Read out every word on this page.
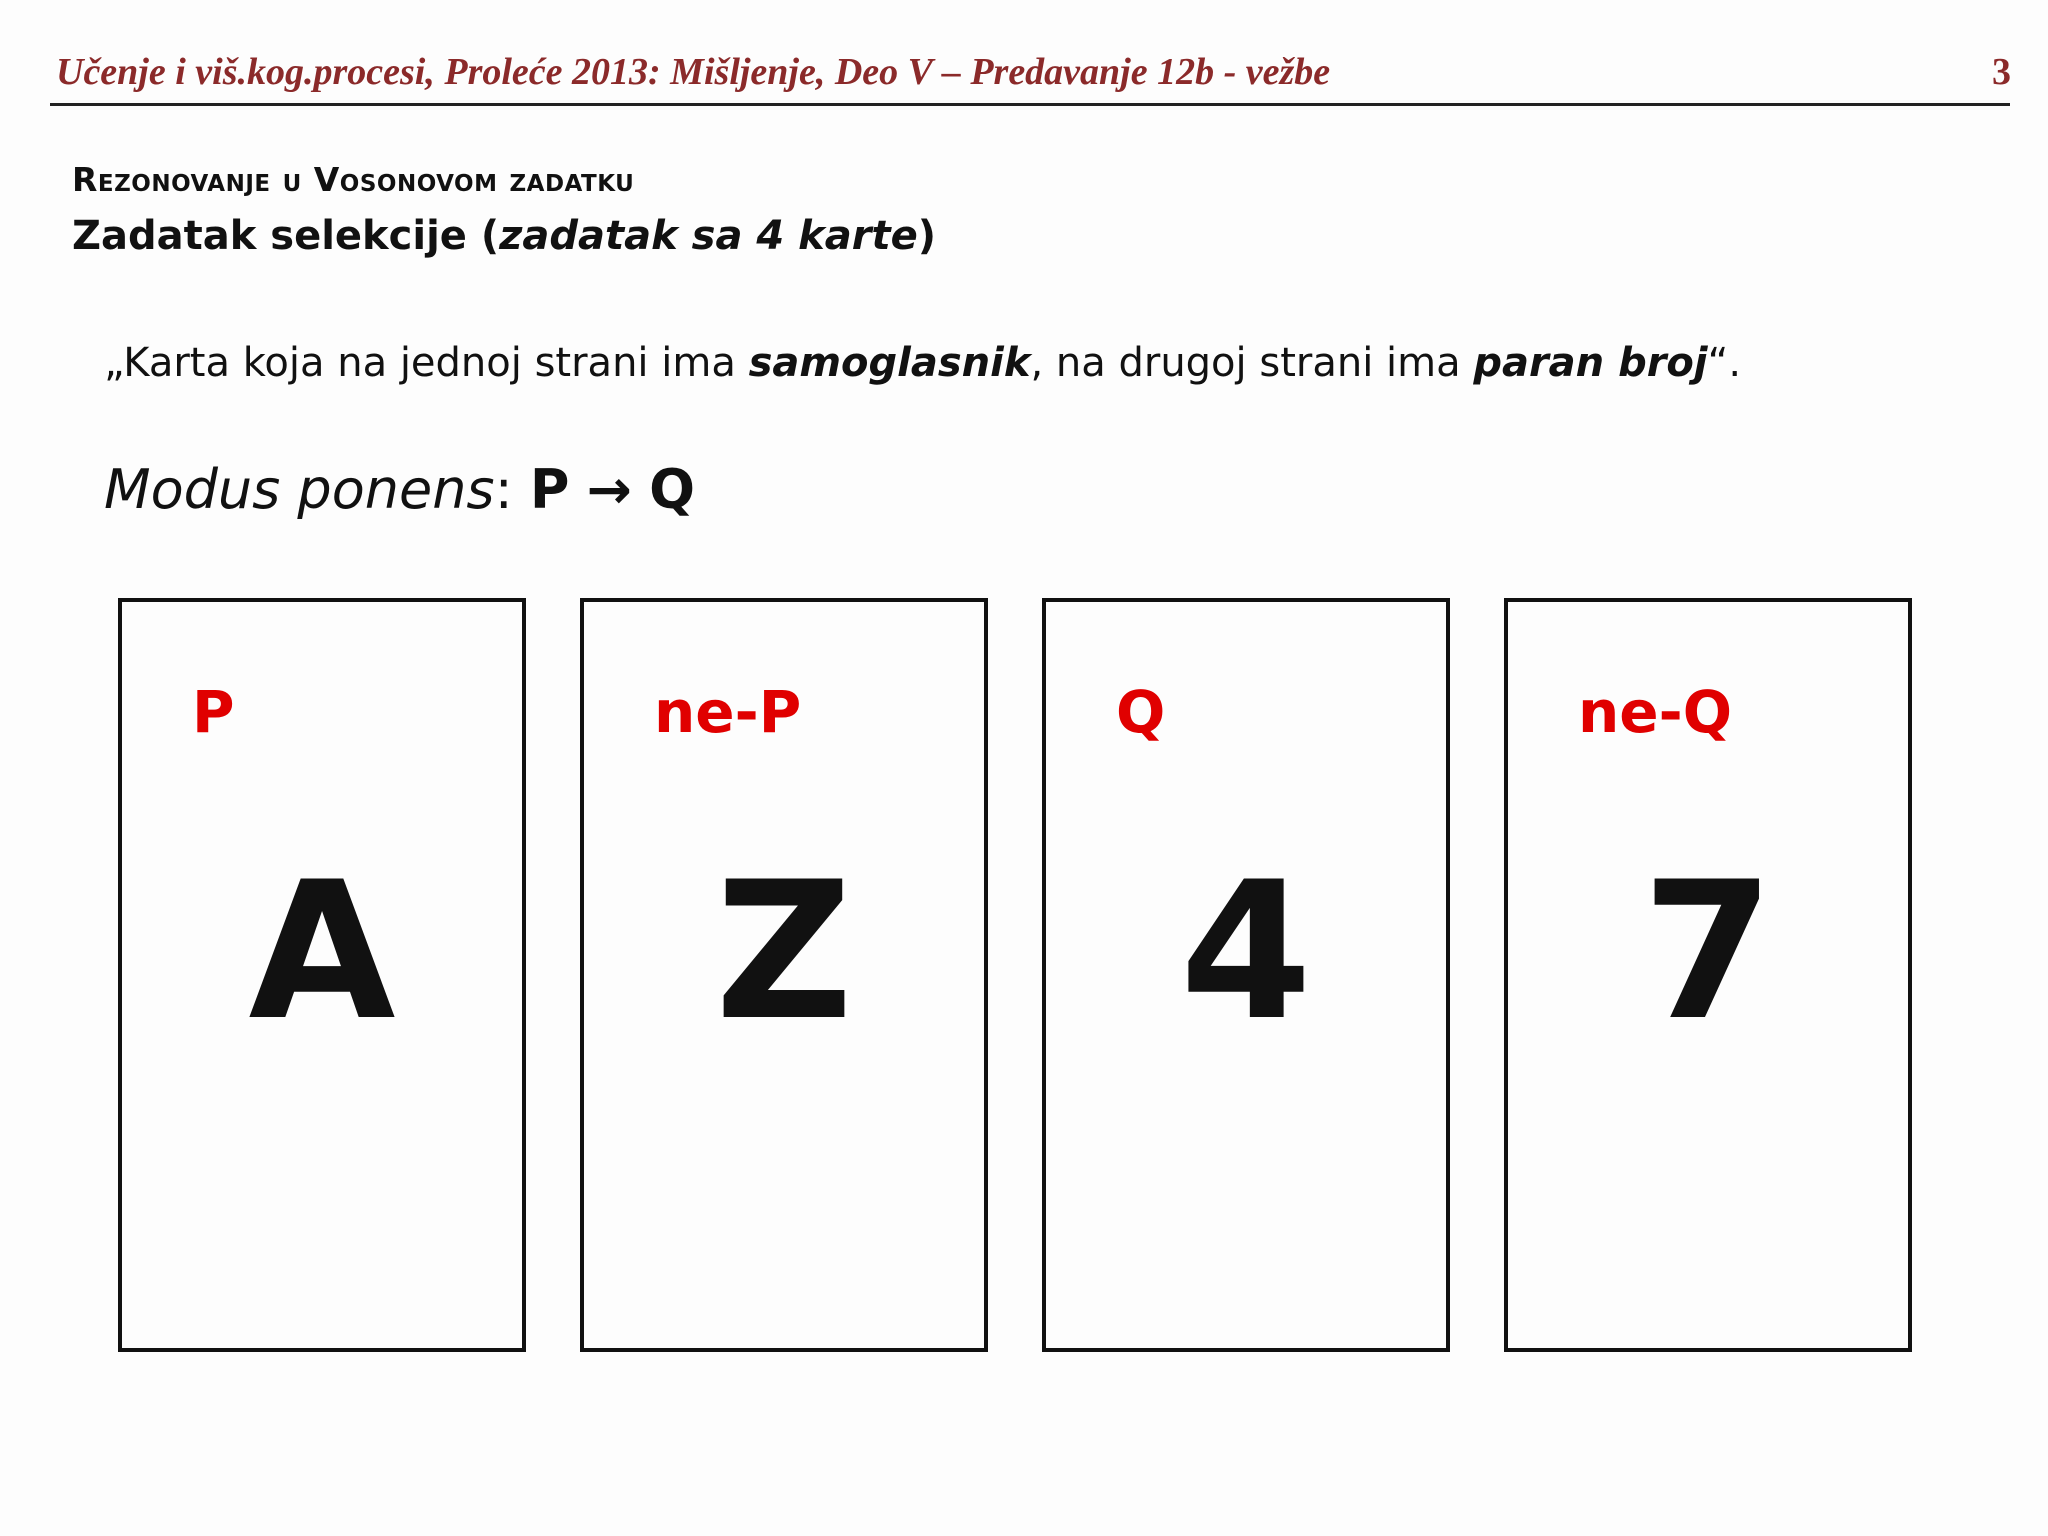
Učenje i viš.kog.procesi, Proleće 2013: Mišljenje, Deo V – Predavanje 12b - vežbe	3
Rezonovanje u Vosonovom zadatku
Zadatak selekcije (zadatak sa 4 karte)
„Karta koja na jednoj strani ima samoglasnik, na drugoj strani ima paran broj“.
Modus ponens: P → Q
P
A
ne-P
Z
Q
4
ne-Q
7
